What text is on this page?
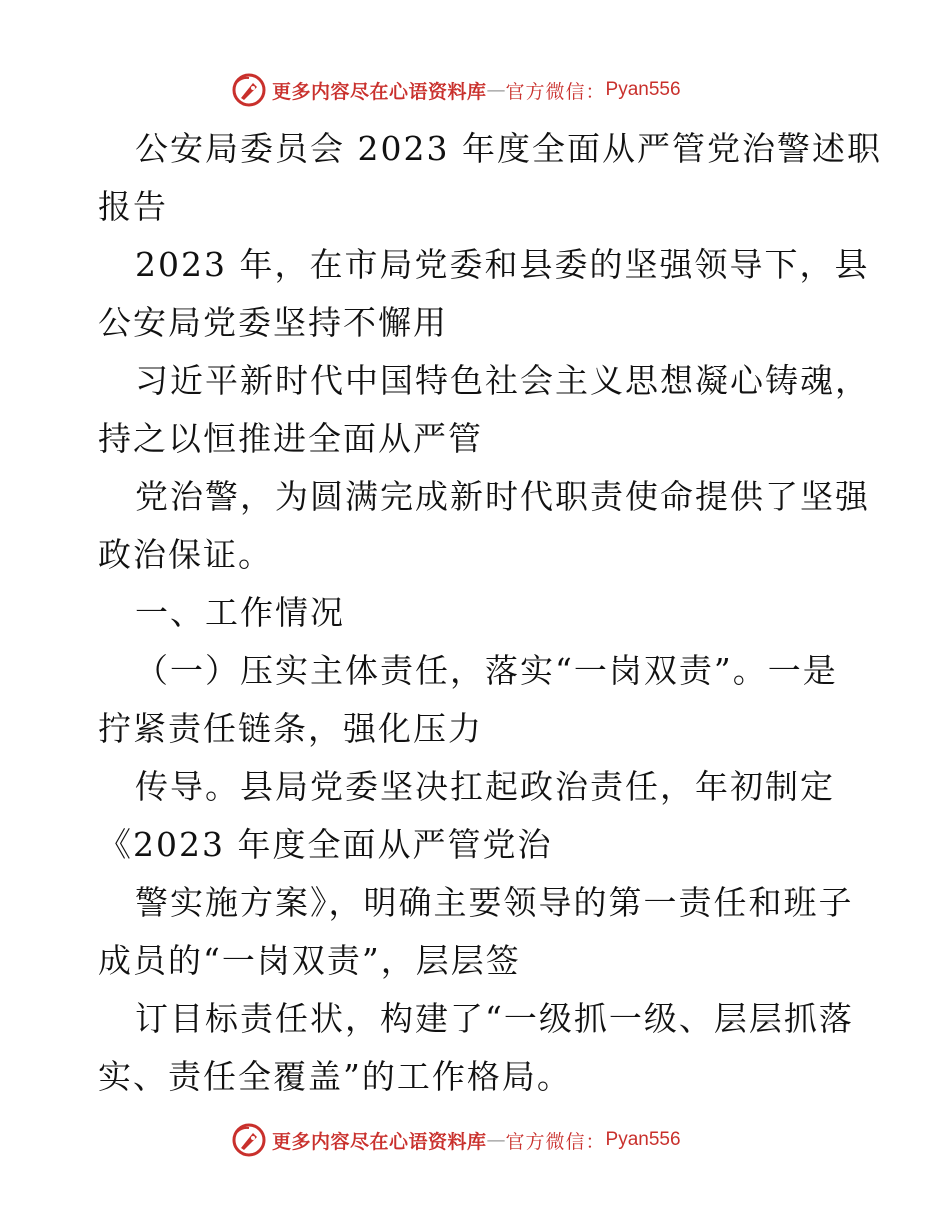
更多内容尽在心语资料库 — 官方微信： Pyan556
公安局委员会 2023 年度全面从严管党治警述职
报告
2023 年，在市局党委和县委的坚强领导下，县
公安局党委坚持不懈用
习近平新时代中国特色社会主义思想凝心铸魂，
持之以恒推进全面从严管
党治警，为圆满完成新时代职责使命提供了坚强
政治保证。
一、工作情况
（一）压实主体责任，落实“一岗双责”。一是
拧紧责任链条，强化压力
传导。县局党委坚决扛起政治责任，年初制定
《2023 年度全面从严管党治
警实施方案》，明确主要领导的第一责任和班子
成员的“一岗双责”，层层签
订目标责任状，构建了“一级抓一级、层层抓落
实、责任全覆盖”的工作格局。
更多内容尽在心语资料库 — 官方微信： Pyan556
